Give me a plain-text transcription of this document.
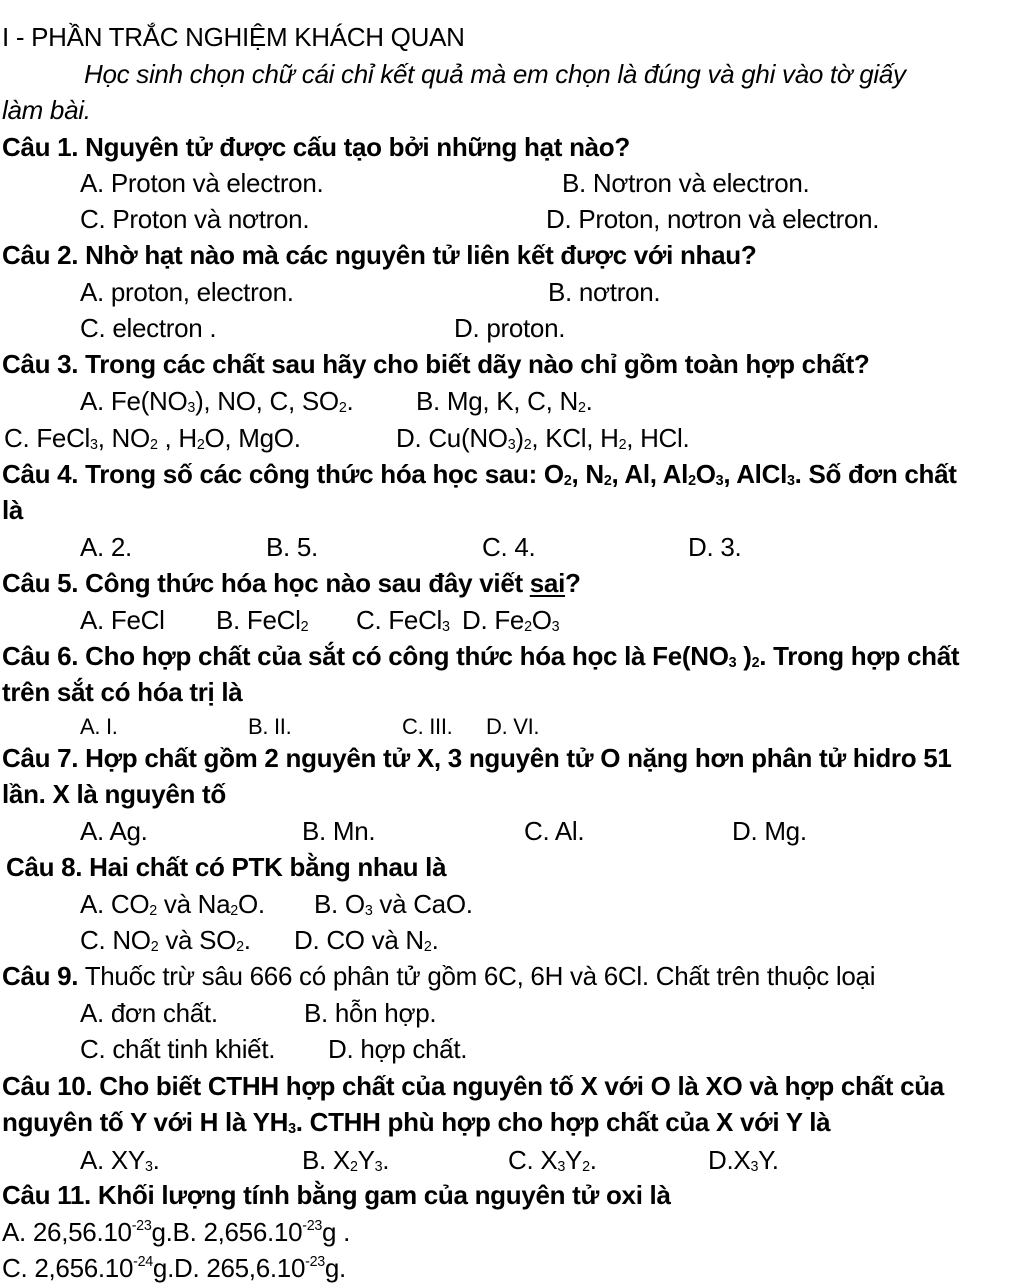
I - PHẦN TRẮC NGHIỆM KHÁCH QUAN
Học sinh chọn chữ cái chỉ kết quả mà em chọn là đúng và ghi vào tờ giấy
làm bài.
Câu 1. Nguyên tử được cấu tạo bởi những hạt nào?
A. Proton và electron.	B. Nơtron và electron.
C. Proton và nơtron.	D. Proton, nơtron và electron.
Câu 2. Nhờ hạt nào mà các nguyên tử liên kết được với nhau?
A. proton, electron.	B. nơtron.
C. electron .	D. proton.
Câu 3. Trong các chất sau hãy cho biết dãy nào chỉ gồm toàn hợp chất?
A. $Fe(NO_3)$, NO, C, $SO_2$. B. Mg, K, C, $N_2$.
C. FeCl$_3$, $NO_2$ , $H_2O$, MgO.	D. $Cu(NO_3)_2$, KCl, $H_2$, HCl.
Câu 4. Trong số các công thức hóa học sau: $O_2$, $N_2$, Al, $Al_2O_3$, AlCl$_3$. Số đơn chất
là
A. 2.	B. 5.	C. 4.	D. 3.
Câu 5. Công thức hóa học nào sau đây viết sai?
A. FeCl B. FeCl$_2$ C. FeCl$_3$ D. $Fe_2O_3$
Câu 6. Cho hợp chất của sắt có công thức hóa học là $Fe(NO_3$ )$_2$. Trong hợp chất
trên sắt có hóa trị là
A. I.	B. II.	C. III. D. VI.
Câu 7. Hợp chất gồm 2 nguyên tử X, 3 nguyên tử O nặng hơn phân tử hidro 51
lần. X là nguyên tố
A. Ag.	B. Mn.	C. Al.	D. Mg.
Câu 8. Hai chất có PTK bằng nhau là
A. $CO_2$ và $Na_2O$. B. $O_3$ và CaO.
C. $NO_2$ và $SO_2$. D. CO và $N_2$.
Câu 9. Thuốc trừ sâu 666 có phân tử gồm 6C, 6H và 6Cl. Chất trên thuộc loại
A. đơn chất.	B. hỗn hợp.
C. chất tinh khiết. D. hợp chất.
Câu 10. Cho biết CTHH hợp chất của nguyên tố X với O là XO và hợp chất của
nguyên tố Y với H là $YH_3$. CTHH phù hợp cho hợp chất của X với Y là
A. $XY_3$.	B. $X_2Y_3$.	C. $X_3Y_2$.	$D.X_3Y$.
Câu 11. Khối lượng tính bằng gam của nguyên tử oxi là
A. $26,56.10^{-23}g.B$. $2,656.10^{-23}g$ .
C. $2,656.10^{-24}g.D$. $265,6.10^{-23}g$.
